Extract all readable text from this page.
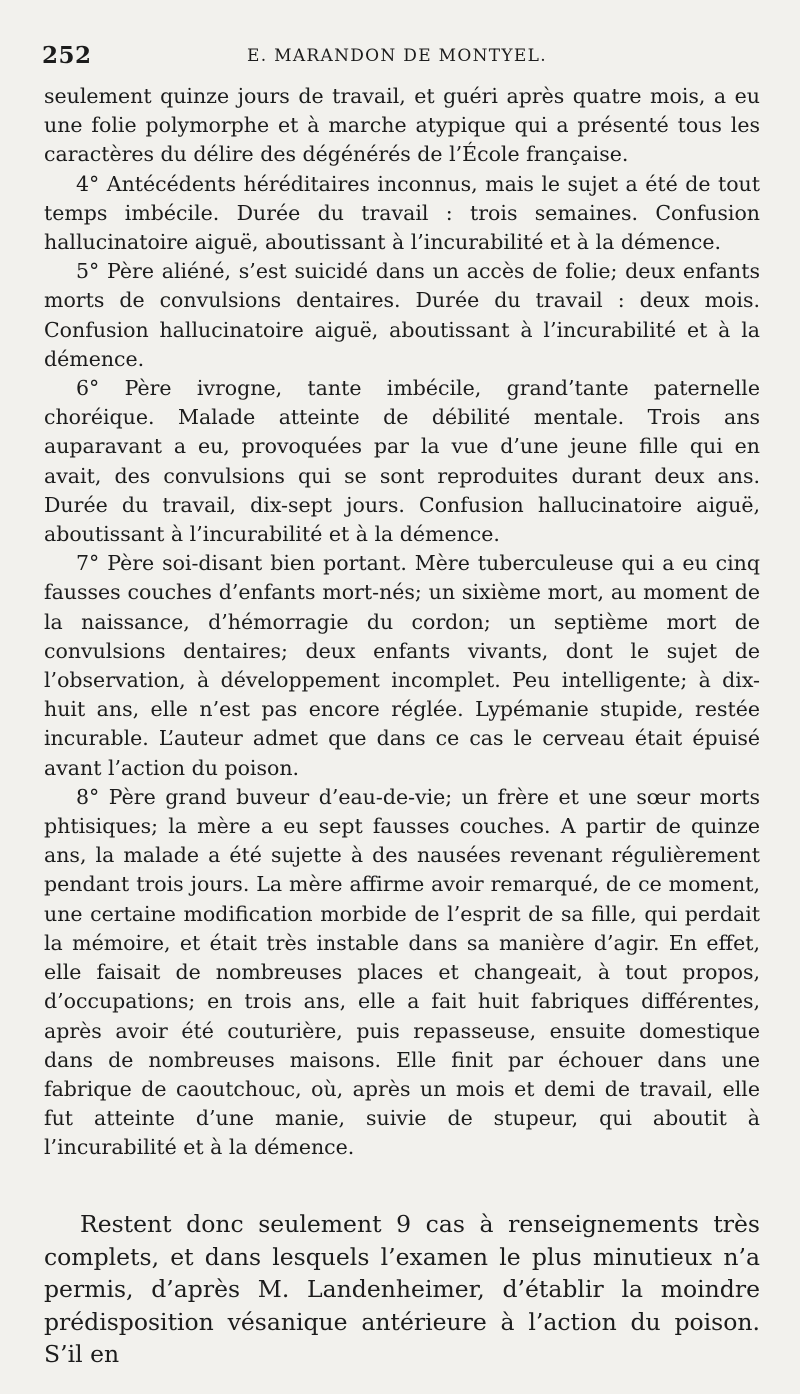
252	E. MARANDON DE MONTYEL.

seulement quinze jours de travail, et guéri après quatre mois, a eu une folie polymorphe et à marche atypique qui a présenté tous les caractères du délire des dégénérés de l’École française.

4° Antécédents héréditaires inconnus, mais le sujet a été de tout temps imbécile. Durée du travail : trois semaines. Confusion hallucinatoire aiguë, aboutissant à l’incurabilité et à la démence.

5° Père aliéné, s’est suicidé dans un accès de folie; deux enfants morts de convulsions dentaires. Durée du travail : deux mois. Confusion hallucinatoire aiguë, aboutissant à l’incurabilité et à la démence.

6° Père ivrogne, tante imbécile, grand’tante paternelle choréique. Malade atteinte de débilité mentale. Trois ans auparavant a eu, provoquées par la vue d’une jeune fille qui en avait, des convulsions qui se sont reproduites durant deux ans. Durée du travail, dix-sept jours. Confusion hallucinatoire aiguë, aboutissant à l’incurabilité et à la démence.

7° Père soi-disant bien portant. Mère tuberculeuse qui a eu cinq fausses couches d’enfants mort-nés; un sixième mort, au moment de la naissance, d’hémorragie du cordon; un septième mort de convulsions dentaires; deux enfants vivants, dont le sujet de l’observation, à développement incomplet. Peu intelligente; à dix-huit ans, elle n’est pas encore réglée. Lypémanie stupide, restée incurable. L’auteur admet que dans ce cas le cerveau était épuisé avant l’action du poison.

8° Père grand buveur d’eau-de-vie; un frère et une sœur morts phtisiques; la mère a eu sept fausses couches. A partir de quinze ans, la malade a été sujette à des nausées revenant régulièrement pendant trois jours. La mère affirme avoir remarqué, de ce moment, une certaine modification morbide de l’esprit de sa fille, qui perdait la mémoire, et était très instable dans sa manière d’agir. En effet, elle faisait de nombreuses places et changeait, à tout propos, d’occupations; en trois ans, elle a fait huit fabriques différentes, après avoir été couturière, puis repasseuse, ensuite domestique dans de nombreuses maisons. Elle finit par échouer dans une fabrique de caoutchouc, où, après un mois et demi de travail, elle fut atteinte d’une manie, suivie de stupeur, qui aboutit à l’incurabilité et à la démence.

Restent donc seulement 9 cas à renseignements très complets, et dans lesquels l’examen le plus minutieux n’a permis, d’après M. Landenheimer, d’établir la moindre prédisposition vésanique antérieure à l’action du poison. S’il en
